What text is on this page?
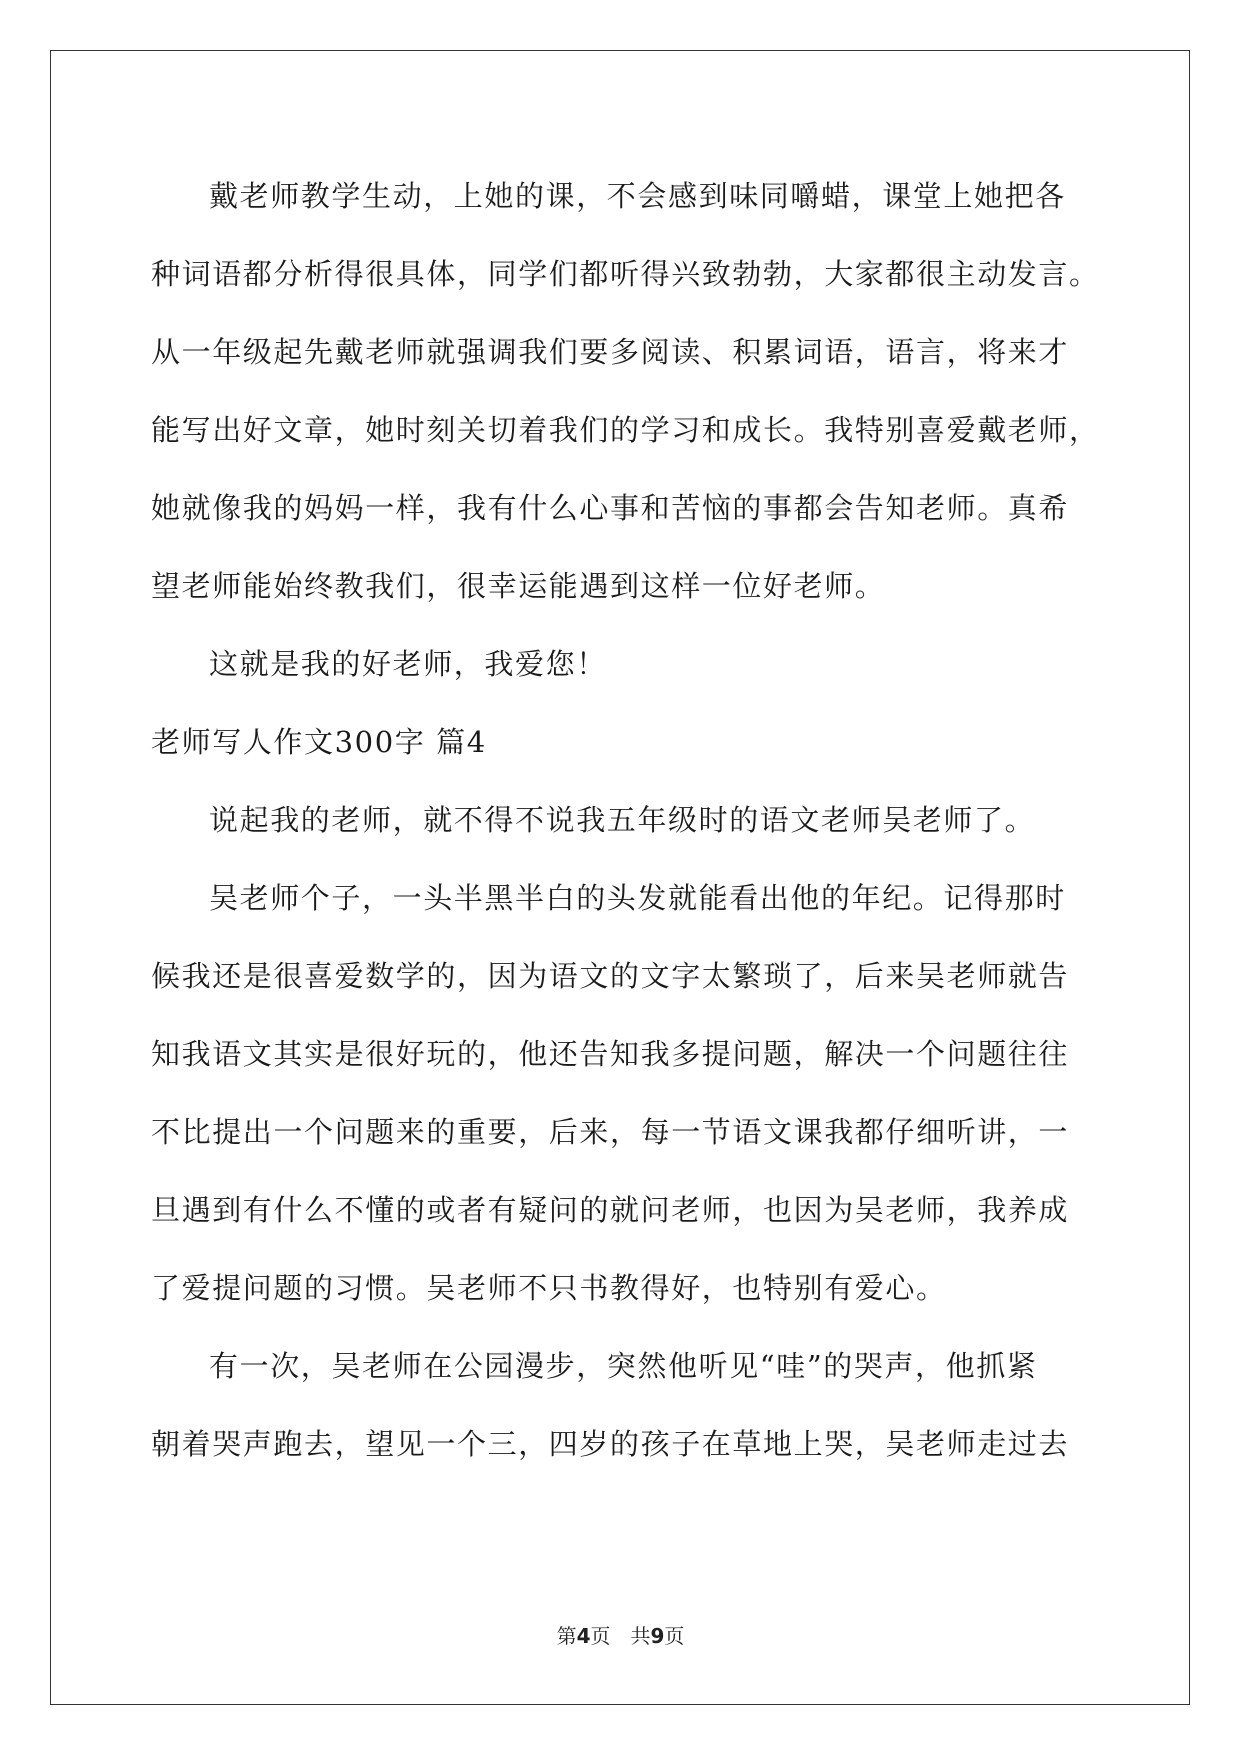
戴老师教学生动，上她的课，不会感到味同嚼蜡，课堂上她把各
种词语都分析得很具体，同学们都听得兴致勃勃，大家都很主动发言。
从一年级起先戴老师就强调我们要多阅读、积累词语，语言，将来才
能写出好文章，她时刻关切着我们的学习和成长。我特别喜爱戴老师，
她就像我的妈妈一样，我有什么心事和苦恼的事都会告知老师。真希
望老师能始终教我们，很幸运能遇到这样一位好老师。

这就是我的好老师，我爱您！

老师写人作文300字 篇4

说起我的老师，就不得不说我五年级时的语文老师吴老师了。

吴老师个子，一头半黑半白的头发就能看出他的年纪。记得那时
候我还是很喜爱数学的，因为语文的文字太繁琐了，后来吴老师就告
知我语文其实是很好玩的，他还告知我多提问题，解决一个问题往往
不比提出一个问题来的重要，后来，每一节语文课我都仔细听讲，一
旦遇到有什么不懂的或者有疑问的就问老师，也因为吴老师，我养成
了爱提问题的习惯。吴老师不只书教得好，也特别有爱心。

有一次，吴老师在公园漫步，突然他听见“哇”的哭声，他抓紧
朝着哭声跑去，望见一个三，四岁的孩子在草地上哭，吴老师走过去

第4页　共9页
